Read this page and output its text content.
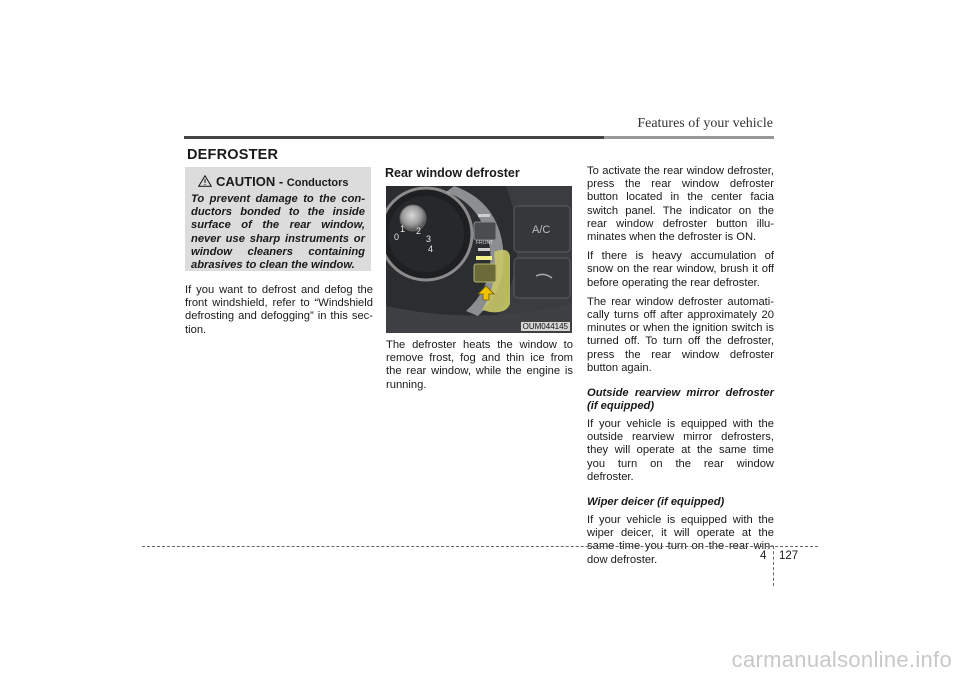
Features of your vehicle
DEFROSTER
CAUTION - Conductors
To prevent damage to the con-ductors bonded to the inside surface of the rear window, never use sharp instruments or window cleaners containing abrasives to clean the window.
If you want to defrost and defog the front windshield, refer to “Windshield defrosting and defogging” in this sec-tion.
Rear window defroster
0
2
3
4
1
FRONT
A/C
OUM044145
The defroster heats the window to remove frost, fog and thin ice from the rear window, while the engine is running.

To activate the rear window defroster, press the rear window defroster button located in the center facia switch panel. The indicator on the rear window defroster button illu-minates when the defroster is ON.

If there is heavy accumulation of snow on the rear window, brush it off before operating the rear defroster.

The rear window defroster automati-cally turns off after approximately 20 minutes or when the ignition switch is turned off. To turn off the defroster, press the rear window defroster button again.

Outside rearview mirror defroster (if equipped)

If your vehicle is equipped with the outside rearview mirror defrosters, they will operate at the same time you turn on the rear window defroster.

Wiper deicer (if equipped)

If your vehicle is equipped with the wiper deicer, it will operate at the same time you turn on the rear win-dow defroster.	4 127
carmanualsonline.info
